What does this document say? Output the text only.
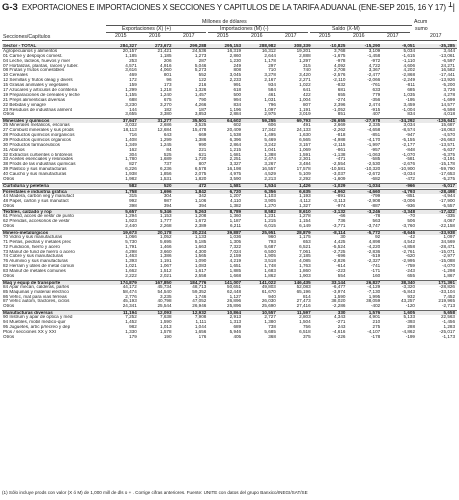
G-3 EXPORTACIONES E IMPORTACIONES X SECCIONES Y CAPITULOS DE LA TARIFA ADUANAL (ENE-SEP 2015, 16 Y 17) 1 |
Millones de dólares	Acum
Exportaciones (X) (+)	Importaciones (M) (-)	Saldo (X-M)	sumo
Secciones/Capítulos	2015	2016	2017	2015	2016	2017	2015	2016	2017	2017
Sector - TOTAL	284,327	273,672	299,288	295,153	288,982	308,339	-10,825	-15,290	-9,051	-35,285
Agropecuarios y alimentos	20,157	21,421	24,536	16,319	16,312	19,201	3,768	3,109	5,034	3,444
01 Carne y despojos comest.	1,185	1,185	1,273	2,860	2,644	2,888	-1,675	-1,458	-1,615	-13,061
04 Leche, lácteos, huevos y miel	253	206	287	1,230	1,178	1,297	-978	-972	-1,110	-6,597
07 Hortalizas, plantas, raíces y tubér.	4,571	4,916	5,046	249	297	315	4,092	4,722	4,606	24,271
08 Frutas y frutos comestibles	3,616	4,060	5,273	808	710	740	2,708	3,367	4,202	16,582
10 Cereales	469	801	552	3,045	3,278	3,420	-2,576	-2,477	-2,868	-17,441
12 Semillas y frutos oleag y divers	172	96	122	2,233	2,167	2,271	-2,110	-2,066	-2,249	-13,926
15 Grasas animales y vegetales	159	173	216	991	934	1,022	-832	-761	-811	-5,200
17 Azúcares y artículos de confitería	1,299	1,218	1,326	618	584	641	681	633	685	3,726
19 Preparaciones de cereales y leche	1,155	1,240	1,457	500	461	422	655	779	1,035	4,278
21 Preps alimenticias diversas	688	675	790	994	1,031	1,004	-274	-356	-195	-1,699
22 Bebidas y vinagre	3,230	3,270	4,266	834	796	807	2,396	2,474	3,459	14,577
23 Residuos de industrias aliment	144	182	187	1,196	1,097	1,191	-1,052	-915	-1,004	-6,598
Otros	3,655	3,380	3,853	2,884	2,975	3,019	851	407	834	4,018
Minerales y químicos	37,947	31,277	35,501	64,602	59,255	69,793	-26,655	-27,978	-34,292	-126,641
25 Minerales metálicos, escorias	3,032	2,686	3,525	602	606	491	2,669	2,335	3,034	15,687
27 Combust minerales y sus prods	18,113	12,684	15,478	20,409	17,342	24,133	-2,262	-4,658	-8,574	-18,063
28 Productos químicos inorgánicos	716	643	669	1,538	1,495	1,630	-818	-851	-947	-4,570
29 Productos químicos orgánicos	1,408	1,299	1,386	6,396	5,469	6,565	-4,988	-4,170	-5,155	-26,663
30 Productos farmacéuticos	1,349	1,245	990	2,864	3,242	3,157	-2,115	-1,997	-2,177	-13,571
31 Abonos	162	84	221	1,215	1,041	1,069	-861	-957	-848	-5,637
32 Extractos curtientes o tintóreos	304	525	621	1,681	1,388	1,591	-1,138	-1,063	-1,070	-6,375
33 Aceites esenciales y resinoides	1,780	1,689	1,720	2,251	2,474	2,301	-471	-585	-581	-3,191
38 Prods de las industrias químicas	827	737	807	3,327	3,267	3,484	-2,554	-2,530	-2,676	-15,178
39 Plástico y sus manufacturas	6,226	6,236	6,578	16,198	16,557	17,578	-10,581	-10,320	-10,900	-59,790
40 Caucho y sus manufacturas	1,938	1,856	2,075	4,975	4,529	5,109	-3,037	-2,672	-3,034	-17,653
Otros	1,982	1,531	1,820	3,590	2,213	2,292	-1,609	-682	-472	-5,275
Curtiduría y peletería	582	520	472	1,581	1,534	1,426	-1,029	-1,034	-966	-5,017
Forestales e industria gráfica	1,758	1,696	1,842	6,720	6,356	6,635	-4,962	-4,660	-4,793	-28,498
44 Madera, carbón veg y manufact	315	304	342	1,207	1,103	1,193	-891	-799	-851	-4,944
48 Papel, cartón y sus manufact	992	987	1,106	4,110	3,905	4,112	-3,113	-2,908	-3,006	-17,900
Otros	398	394	394	1,382	1,270	1,327	-974	-887	-936	-5,557
Textiles, calzado y rop	5,657	5,346	5,263	8,789	8,582	8,610	-3,132	-3,246	-3,348	-17,422
61 Prend, acces de vestir de punto	1,294	1,153	1,208	1,360	1,231	1,278	-66	-78	-70	-335
62 Prendas, accesorios de vestir	1,923	1,777	1,672	1,187	1,215	1,154	736	563	506	4,067
Otros	2,440	2,268	2,389	6,211	6,015	6,149	-3,771	-3,747	-3,760	-22,158
Minero-metalúrgicos	19,673	20,178	20,224	39,887	25,951	28,879	-8,114	-5,772	-8,646	-33,938
70 Vidrio y sus manufacturas	1,066	1,052	1,133	1,036	960	1,175	30	92	-42	1,097
71 Perlas, piedras y metales prec	5,730	5,695	5,185	1,305	793	653	4,425	4,898	4,542	34,569
72 Fundición, hierro y acero	1,791	1,466	1,663	7,322	5,687	6,521	-5,524	-4,220	-4,858	-28,471
73 Manuf de fund de hierro o acero	4,298	3,660	4,300	7,024	6,500	7,061	-2,725	-2,836	-2,761	-15,071
74 Cobre y sus manufacturas	1,463	1,386	1,565	2,159	1,905	2,185	-696	-519	-620	-2,977
76 Aluminio y sus manufacturas	1,393	1,191	1,090	4,219	3,518	4,085	-2,826	-2,327	-2,995	-15,088
82 Herram y útiles de metal común	1,021	1,067	1,083	1,651	1,748	1,763	-614	-741	-759	-4,070
83 Manuf de metales comunes	1,662	1,512	1,617	1,885	1,683	1,860	-223	-171	-243	-1,298
Otros	2,222	2,021	2,558	1,668	1,862	1,903	554	160	655	1,867
Maq y equip de transporte	174,879	167,850	184,776	141,007	141,022	146,435	33,144	26,827	38,340	171,391
84 Apar mecán, calderas, partes	44,172	45,734	48,713	50,651	49,803	52,083	-6,477	-4,129	-3,320	-28,826
85 Máquinas y material eléctrico	58,474	54,540	59,352	62,448	61,670	65,196	-3,974	-7,130	-5,843	-33,104
86 Vehíc, mat para vías férreas	2,776	3,235	1,746	1,127	940	814	1,590	1,995	932	7,452
87 Vehíc autom, tractores, ciclos	45,193	40,798	47,052	26,896	26,030	27,473	38,020	38,059	43,257	219,965
Otros	24,341	25,544	26,946	25,896	25,690	27,416	-2,286	-402	-120	-2,713
Manufacturas diversas	11,194	12,093	12,932	10,864	10,557	11,597	330	1,576	1,605	5,658
90 Instrum y apar de óptica y méd	7,252	7,638	7,908	2,913	2,727	2,803	4,343	4,901	5,133	22,563
94 Muebles, mobil médico-quir	1,452	1,590	1,111	1,313	1,380	1,504	-271	210	-393	-1,456
95 Juguetes, artíc p/recreo y dep	982	1,013	1,044	689	738	756	243	275	288	1,283
Ptos / secciones XX y XXI	1,330	1,578	1,656	5,946	5,685	6,518	-4,616	-4,107	-4,862	-25,017
Otros	179	190	176	405	368	375	-226	-178	-199	-1,173
(1) Sólo incluye prods con valor (X ó M) de 1,000 mill de dls o + . Corrige cifras anteriores. Fuente: UNITE con datos del grupo Banxico/INEGI/SAT/SE
